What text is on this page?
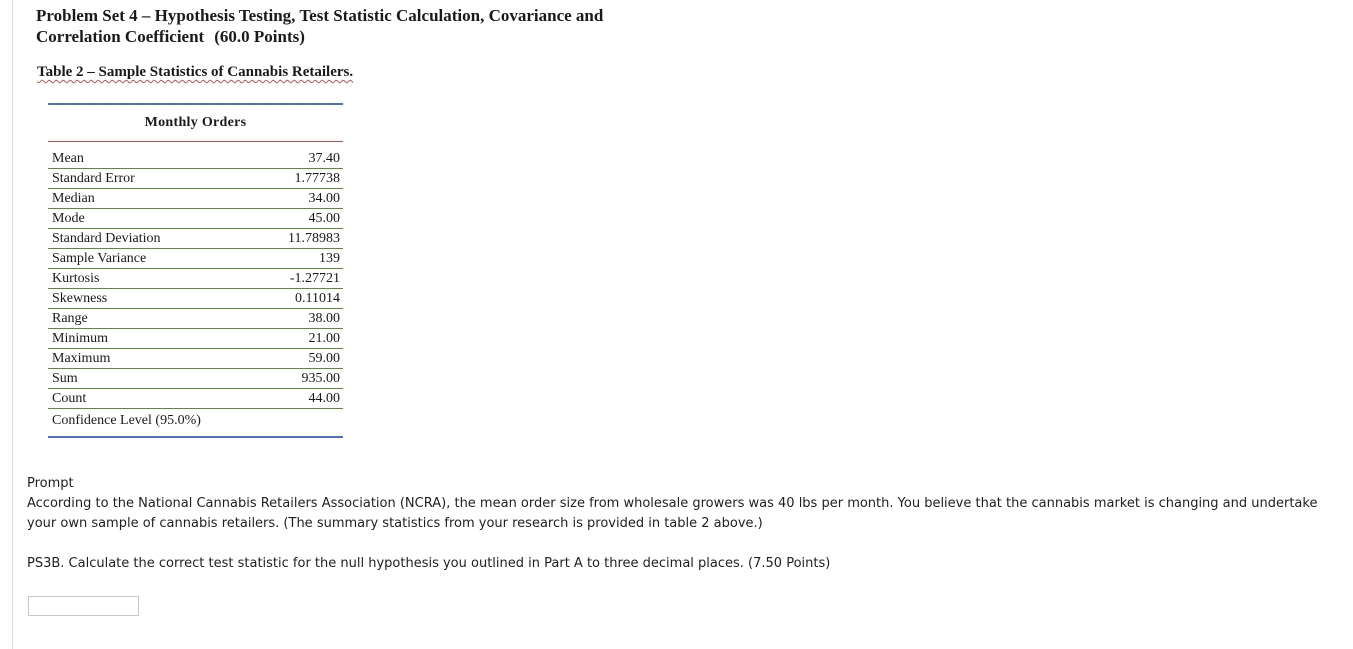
Problem Set 4 – Hypothesis Testing, Test Statistic Calculation, Covariance and
Correlation Coefficient (60.0 Points)

Table 2 – Sample Statistics of Cannabis Retailers.

Monthly Orders	

Mean	37.40
Standard Error	1.77738
Median	34.00
Mode	45.00
Standard Deviation	11.78983
Sample Variance	139
Kurtosis	-1.27721
Skewness	0.11014
Range	38.00
Minimum	21.00
Maximum	59.00
Sum	935.00
Count	44.00
Confidence Level (95.0%)	

Prompt

According to the National Cannabis Retailers Association (NCRA), the mean order size from wholesale growers was 40 lbs per month. You believe that the cannabis market is changing and undertake your own sample of cannabis retailers. (The summary statistics from your research is provided in table 2 above.)

PS3B. Calculate the correct test statistic for the null hypothesis you outlined in Part A to three decimal places. (7.50 Points)
